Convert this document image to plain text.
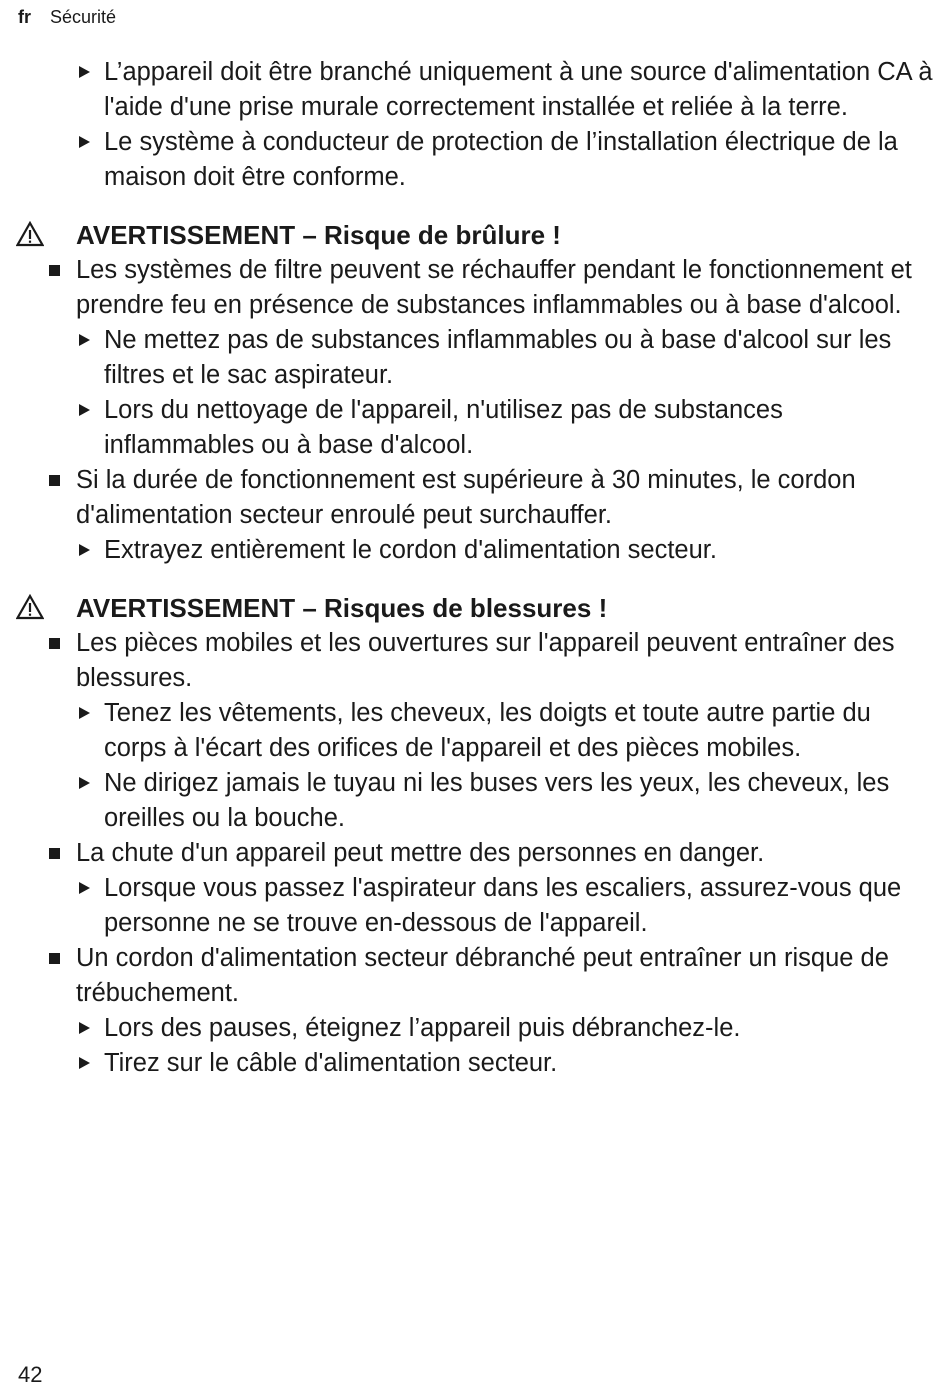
fr Sécurité
L’appareil doit être branché uniquement à une source d'alimentation CA à l'aide d'une prise murale correctement installée et reliée à la terre.
Le système à conducteur de protection de l’installation électrique de la maison doit être conforme.
AVERTISSEMENT – Risque de brûlure !
Les systèmes de filtre peuvent se réchauffer pendant le fonctionnement et prendre feu en présence de substances inflammables ou à base d'alcool.
Ne mettez pas de substances inflammables ou à base d'alcool sur les filtres et le sac aspirateur.
Lors du nettoyage de l'appareil, n'utilisez pas de substances inflammables ou à base d'alcool.
Si la durée de fonctionnement est supérieure à 30 minutes, le cordon d'alimentation secteur enroulé peut surchauffer.
Extrayez entièrement le cordon d'alimentation secteur.
AVERTISSEMENT – Risques de blessures !
Les pièces mobiles et les ouvertures sur l'appareil peuvent entraîner des blessures.
Tenez les vêtements, les cheveux, les doigts et toute autre partie du corps à l'écart des orifices de l'appareil et des pièces mobiles.
Ne dirigez jamais le tuyau ni les buses vers les yeux, les cheveux, les oreilles ou la bouche.
La chute d'un appareil peut mettre des personnes en danger.
Lorsque vous passez l'aspirateur dans les escaliers, assurez-vous que personne ne se trouve en-dessous de l'appareil.
Un cordon d'alimentation secteur débranché peut entraîner un risque de trébuchement.
Lors des pauses, éteignez l’appareil puis débranchez-le.
Tirez sur le câble d'alimentation secteur.
42
